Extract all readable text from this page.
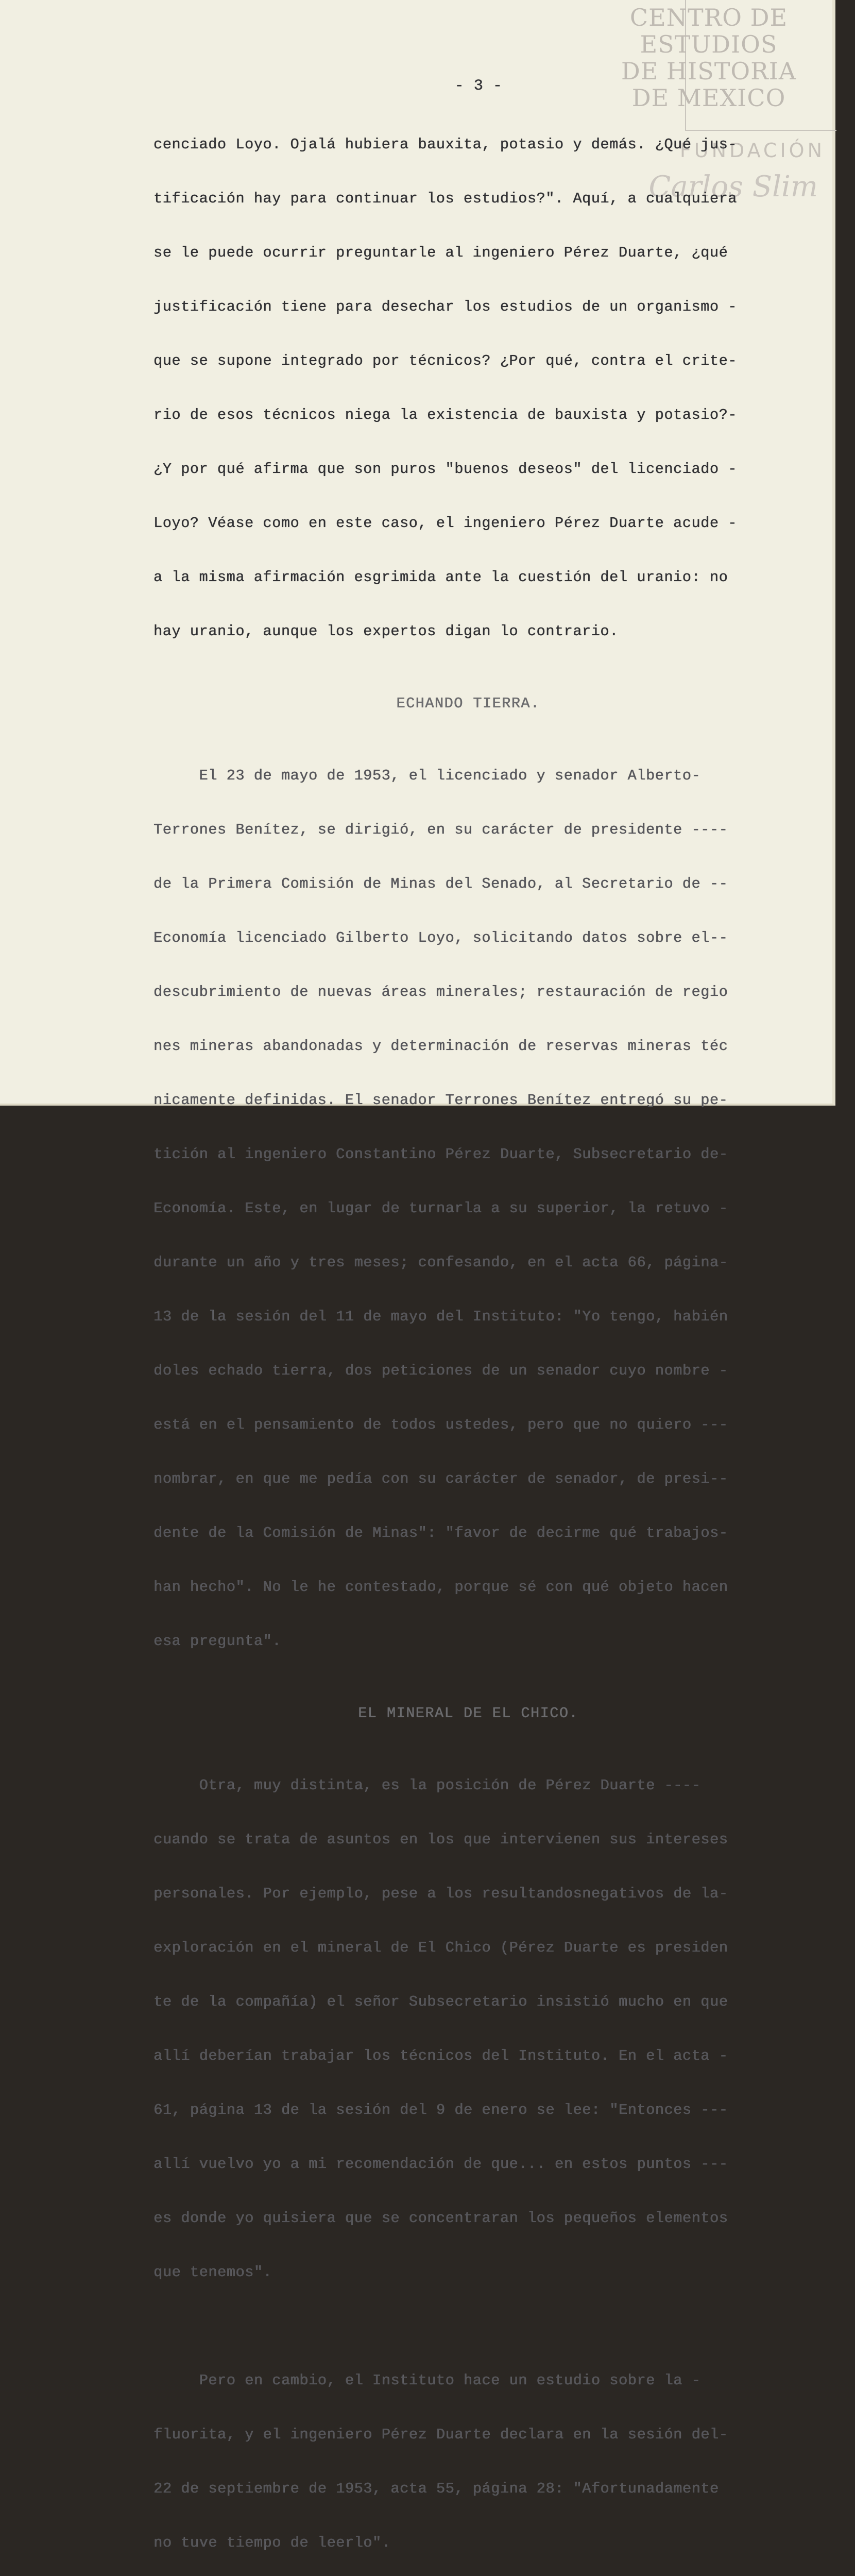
CENTRO DE
ESTUDIOS
DE HISTORIA
DE MEXICO
FUNDACIÓN
Carlos Slim
- 3 -

cenciado Loyo. Ojalá hubiera bauxita, potasio y demás. ¿Qué jus-

tificación hay para continuar los estudios?". Aquí, a cualquiera

se le puede ocurrir preguntarle al ingeniero Pérez Duarte, ¿qué

justificación tiene para desechar los estudios de un organismo -

que se supone integrado por técnicos? ¿Por qué, contra el crite-

rio de esos técnicos niega la existencia de bauxista y potasio?-

¿Y por qué afirma que son puros "buenos deseos" del licenciado -

Loyo? Véase como en este caso, el ingeniero Pérez Duarte acude -

a la misma afirmación esgrimida ante la cuestión del uranio: no

hay uranio, aunque los expertos digan lo contrario.

ECHANDO TIERRA.

El 23 de mayo de 1953, el licenciado y senador Alberto-

Terrones Benítez, se dirigió, en su carácter de presidente ----

de la Primera Comisión de Minas del Senado, al Secretario de --

Economía licenciado Gilberto Loyo, solicitando datos sobre el--

descubrimiento de nuevas áreas minerales; restauración de regio

nes mineras abandonadas y determinación de reservas mineras téc

nicamente definidas. El senador Terrones Benítez entregó su pe-

tición al ingeniero Constantino Pérez Duarte, Subsecretario de-

Economía. Este, en lugar de turnarla a su superior, la retuvo -

durante un año y tres meses; confesando, en el acta 66, página-

13 de la sesión del 11 de mayo del Instituto: "Yo tengo, habién

doles echado tierra, dos peticiones de un senador cuyo nombre -

está en el pensamiento de todos ustedes, pero que no quiero ---

nombrar, en que me pedía con su carácter de senador, de presi--

dente de la Comisión de Minas": "favor de decirme qué trabajos-

han hecho". No le he contestado, porque sé con qué objeto hacen

esa pregunta".

EL MINERAL DE EL CHICO.

Otra, muy distinta, es la posición de Pérez Duarte ----

cuando se trata de asuntos en los que intervienen sus intereses

personales. Por ejemplo, pese a los resultandosnegativos de la-

exploración en el mineral de El Chico (Pérez Duarte es presiden

te de la compañía) el señor Subsecretario insistió mucho en que

allí deberían trabajar los técnicos del Instituto. En el acta -

61, página 13 de la sesión del 9 de enero se lee: "Entonces ---

allí vuelvo yo a mi recomendación de que... en estos puntos ---

es donde yo quisiera que se concentraran los pequeños elementos

que tenemos".

Pero en cambio, el Instituto hace un estudio sobre la -

fluorita, y el ingeniero Pérez Duarte declara en la sesión del-

22 de septiembre de 1953, acta 55, página 28: "Afortunadamente

no tuve tiempo de leerlo".
